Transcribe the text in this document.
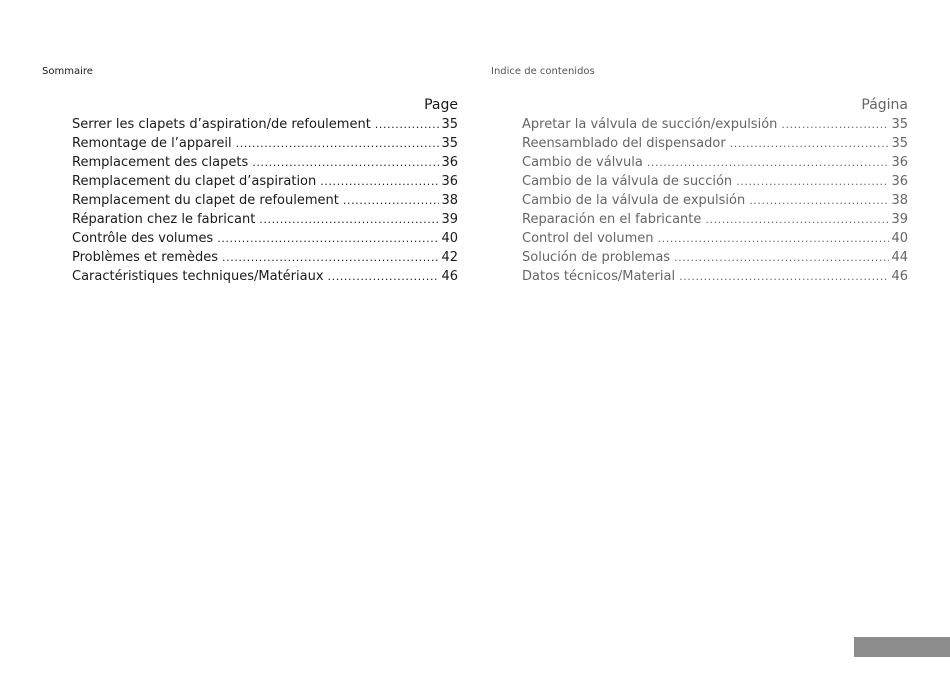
Sommaire	Indice de contenidos
Page
Serrer les clapets d’aspiration/de refoulement .....	35
Remontage de l’appareil .....	35
Remplacement des clapets .....	36
Remplacement du clapet d’aspiration .....	36
Remplacement du clapet de refoulement .....	38
Réparation chez le fabricant .....	39
Contrôle des volumes .....	40
Problèmes et remèdes .....	42
Caractéristiques techniques/Matériaux .....	46
Página
Apretar la válvula de succión/expulsión .....	35
Reensamblado del dispensador .....	35
Cambio de válvula .....	36
Cambio de la válvula de succión .....	36
Cambio de la válvula de expulsión .....	38
Reparación en el fabricante .....	39
Control del volumen .....	40
Solución de problemas .....	44
Datos técnicos/Material .....	46
